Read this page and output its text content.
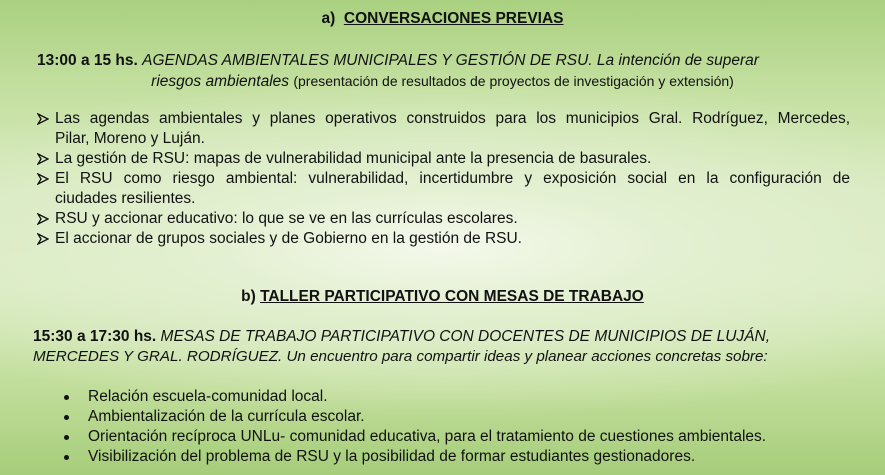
a) CONVERSACIONES PREVIAS
13:00 a 15 hs. AGENDAS AMBIENTALES MUNICIPALES Y GESTIÓN DE RSU. La intención de superar
riesgos ambientales (presentación de resultados de proyectos de investigación y extensión)
Las agendas ambientales y planes operativos construidos para los municipios Gral. Rodríguez, Mercedes,
Pilar, Moreno y Luján.
La gestión de RSU: mapas de vulnerabilidad municipal ante la presencia de basurales.
El RSU como riesgo ambiental: vulnerabilidad, incertidumbre y exposición social en la configuración de
ciudades resilientes.
RSU y accionar educativo: lo que se ve en las currículas escolares.
El accionar de grupos sociales y de Gobierno en la gestión de RSU.
b) TALLER PARTICIPATIVO CON MESAS DE TRABAJO
15:30 a 17:30 hs. MESAS DE TRABAJO PARTICIPATIVO CON DOCENTES DE MUNICIPIOS DE LUJÁN,
MERCEDES Y GRAL. RODRÍGUEZ. Un encuentro para compartir ideas y planear acciones concretas sobre:
Relación escuela-comunidad local.
Ambientalización de la currícula escolar.
Orientación recíproca UNLu- comunidad educativa, para el tratamiento de cuestiones ambientales.
Visibilización del problema de RSU y la posibilidad de formar estudiantes gestionadores.
